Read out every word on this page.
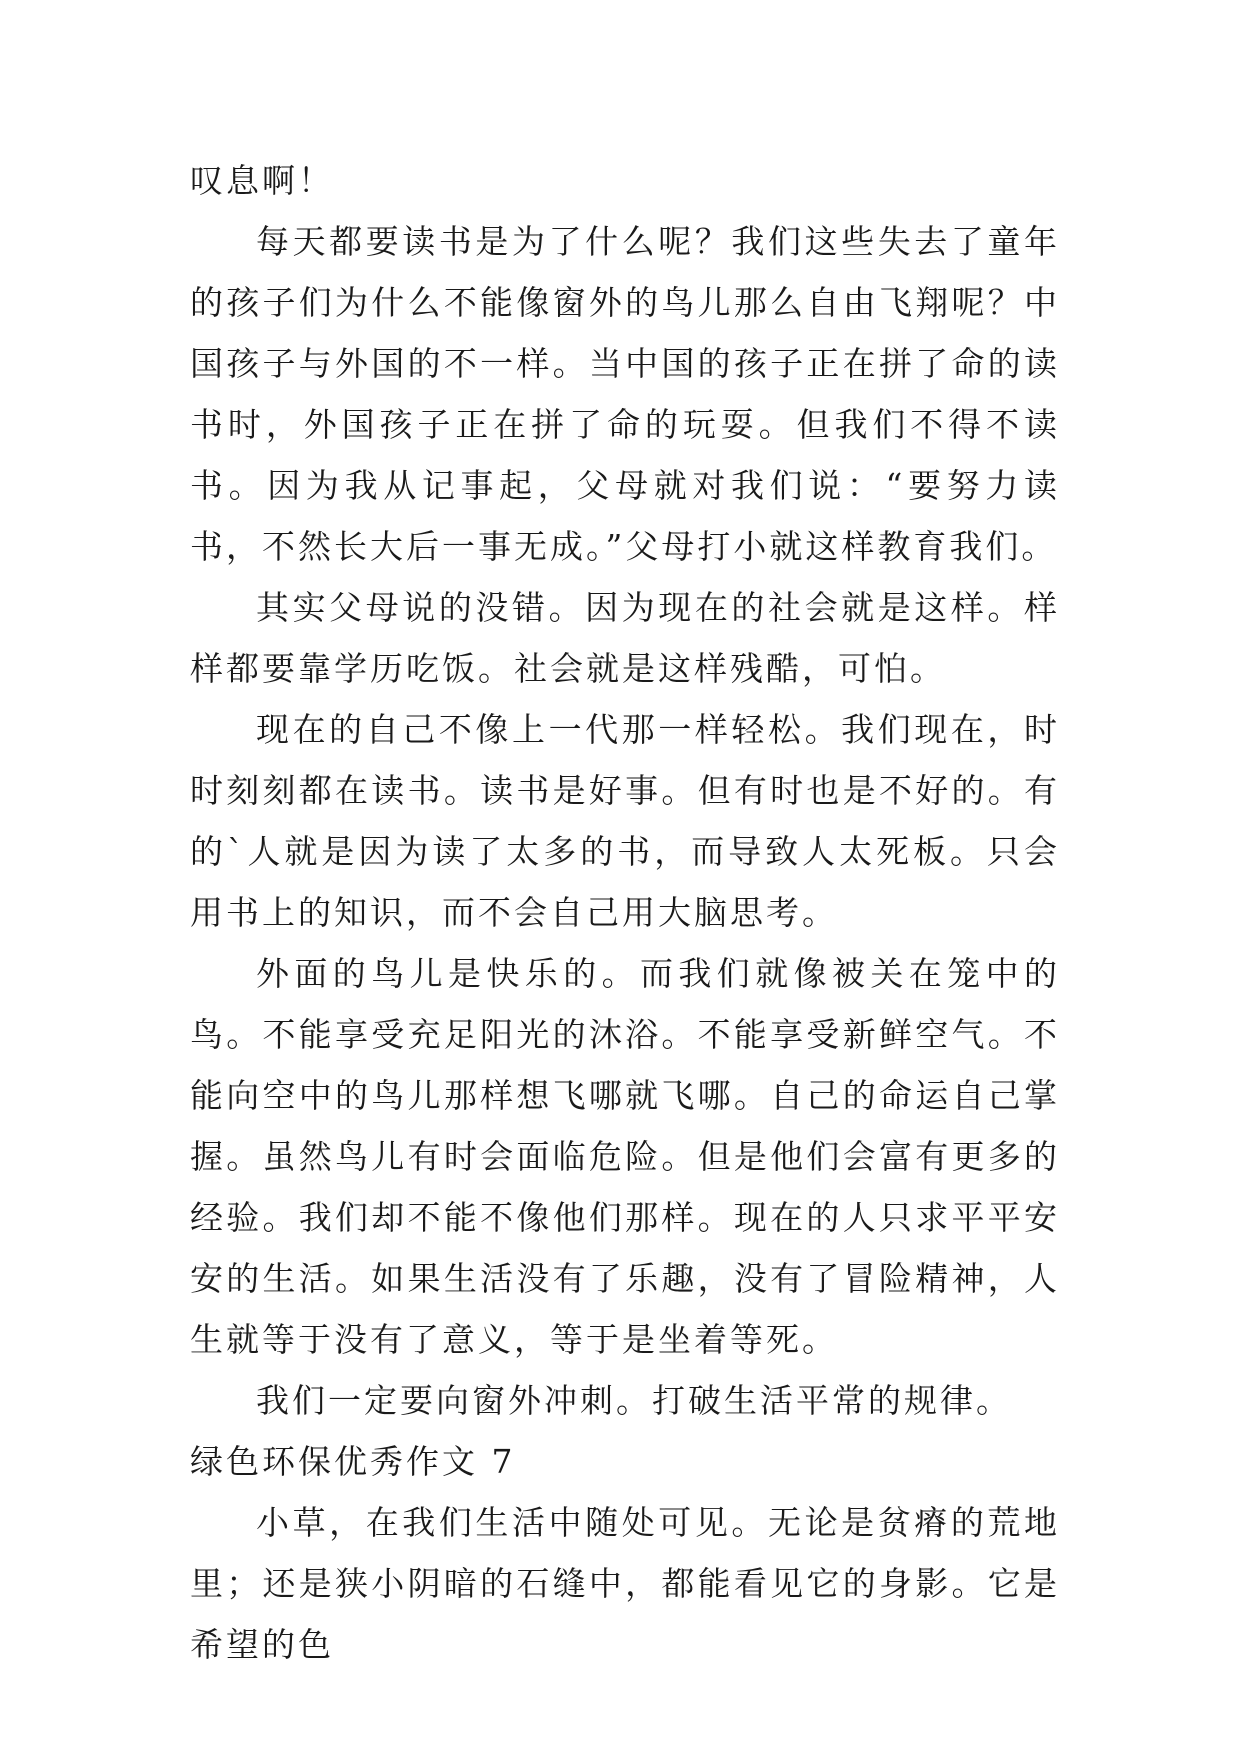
叹息啊！

每天都要读书是为了什么呢？我们这些失去了童年的孩子们为什么不能像窗外的鸟儿那么自由飞翔呢？中国孩子与外国的不一样。当中国的孩子正在拼了命的读书时，外国孩子正在拼了命的玩耍。但我们不得不读书。因为我从记事起，父母就对我们说：“要努力读书，不然长大后一事无成。”父母打小就这样教育我们。

其实父母说的没错。因为现在的社会就是这样。样样都要靠学历吃饭。社会就是这样残酷，可怕。

现在的自己不像上一代那一样轻松。我们现在，时时刻刻都在读书。读书是好事。但有时也是不好的。有的`人就是因为读了太多的书，而导致人太死板。只会用书上的知识，而不会自己用大脑思考。

外面的鸟儿是快乐的。而我们就像被关在笼中的鸟。不能享受充足阳光的沐浴。不能享受新鲜空气。不能向空中的鸟儿那样想飞哪就飞哪。自己的命运自己掌握。虽然鸟儿有时会面临危险。但是他们会富有更多的经验。我们却不能不像他们那样。现在的人只求平平安安的生活。如果生活没有了乐趣，没有了冒险精神，人生就等于没有了意义，等于是坐着等死。

我们一定要向窗外冲刺。打破生活平常的规律。

绿色环保优秀作文 7

小草，在我们生活中随处可见。无论是贫瘠的荒地里；还是狭小阴暗的石缝中，都能看见它的身影。它是希望的色
